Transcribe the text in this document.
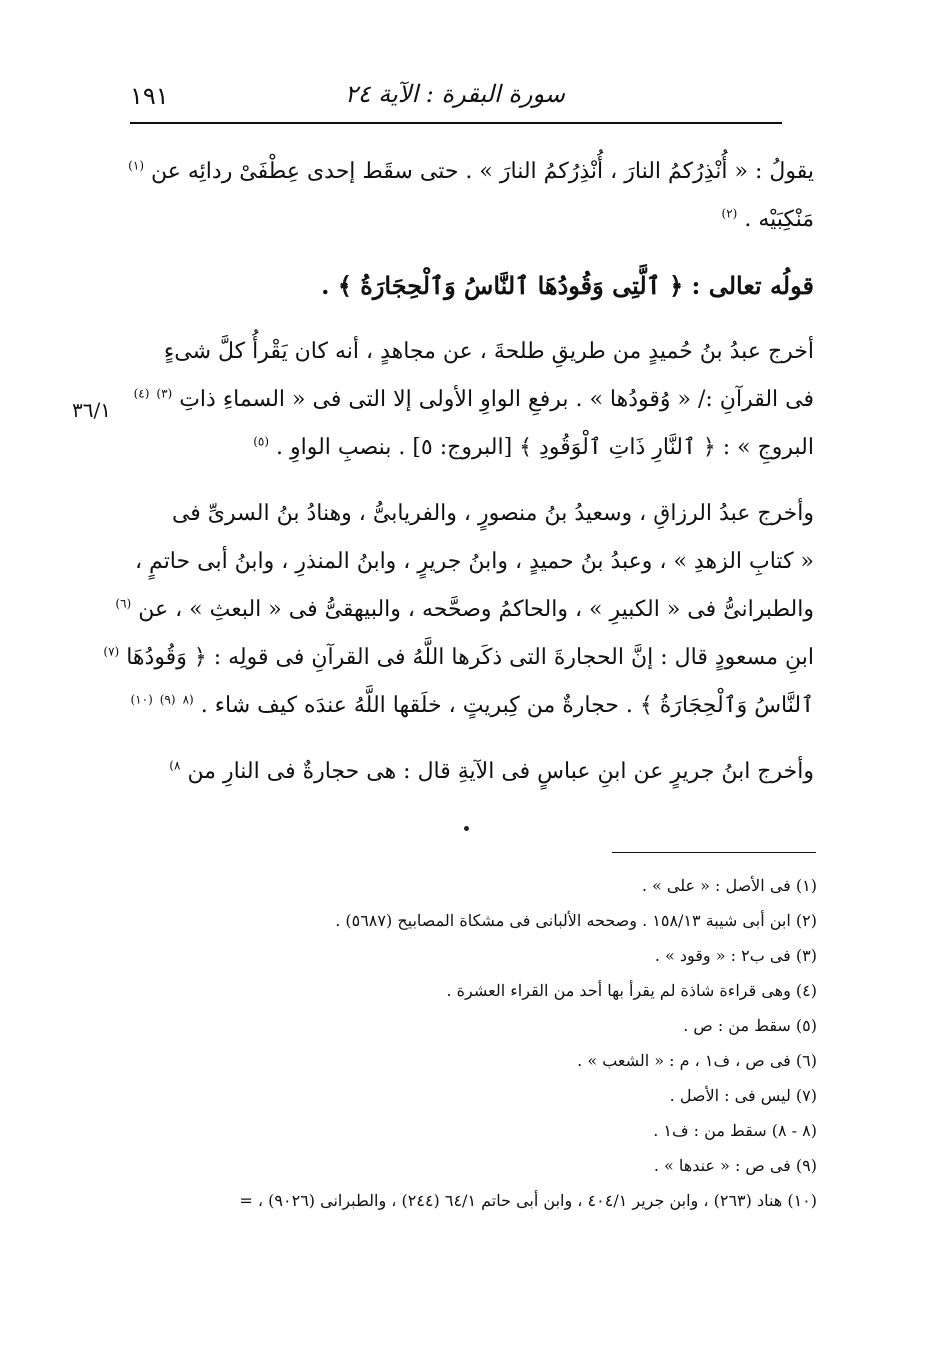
١٩١	سورة البقرة : الآية ٢٤
٣٦/١
يقولُ : « أُنْذِرُكمُ النارَ ، أُنْذِرُكمُ النارَ » . حتى سقَط إحدى عِطْفَىْ ردائِه عن $^{(١)}$
مَنْكِبَيْه . $^{(٢)}$
قولُه تعالى : ﴿ ٱلَّتِى وَقُودُهَا ٱلنَّاسُ وَٱلْحِجَارَةُ ﴾ .
أخرج عبدُ بنُ حُميدٍ من طريقِ طلحةَ ، عن مجاهدٍ ، أنه كان يَقْرأُ كلَّ شىءٍ
فى القرآنِ :/ « وُقودُها » . برفعِ الواوِ الأولى إلا التى فى « السماءِ ذاتِ $^{(٣)}$ $^{(٤)}$
البروجِ » : ﴿ ٱلنَّارِ ذَاتِ ٱلْوَقُودِ ﴾ [البروج: ٥] . بنصبِ الواوِ . $^{(٥)}$
وأخرج عبدُ الرزاقِ ، وسعيدُ بنُ منصورٍ ، والفريابىُّ ، وهنادُ بنُ السرىِّ فى
« كتابِ الزهدِ » ، وعبدُ بنُ حميدٍ ، وابنُ جريرٍ ، وابنُ المنذرِ ، وابنُ أبى حاتمٍ ،
والطبرانىُّ فى « الكبيرِ » ، والحاكمُ وصحَّحه ، والبيهقىُّ فى « البعثِ » ، عن $^{(٦)}$
ابنِ مسعودٍ قال : إنَّ الحجارةَ التى ذكَرها اللَّهُ فى القرآنِ فى قولِه : ﴿ وَقُودُهَا $^{(٧)}$
ٱلنَّاسُ وَٱلْحِجَارَةُ ﴾ . حجارةٌ من كِبريتٍ ، خلَقها اللَّهُ عندَه كيف شاء . $^{(٨}$ $^{(٩)}$ $^{(١٠)}$
وأخرج ابنُ جريرٍ عن ابنِ عباسٍ فى الآيةِ قال : هى حجارةٌ فى النارِ من $^{٨)}$
(١) فى الأصل : « على » .
(٢) ابن أبى شيبة ١٥٨/١٣ . وصححه الألبانى فى مشكاة المصابيح (٥٦٨٧) .
(٣) فى ب٢ : « وقود » .
(٤) وهى قراءة شاذة لم يقرأ بها أحد من القراء العشرة .
(٥) سقط من : ص .
(٦) فى ص ، ف١ ، م : « الشعب » .
(٧) ليس فى : الأصل .
(٨ - ٨) سقط من : ف١ .
(٩) فى ص : « عندها » .
(١٠) هناد (٢٦٣) ، وابن جرير ٤٠٤/١ ، وابن أبى حاتم ٦٤/١ (٢٤٤) ، والطبرانى (٩٠٢٦) ، =
